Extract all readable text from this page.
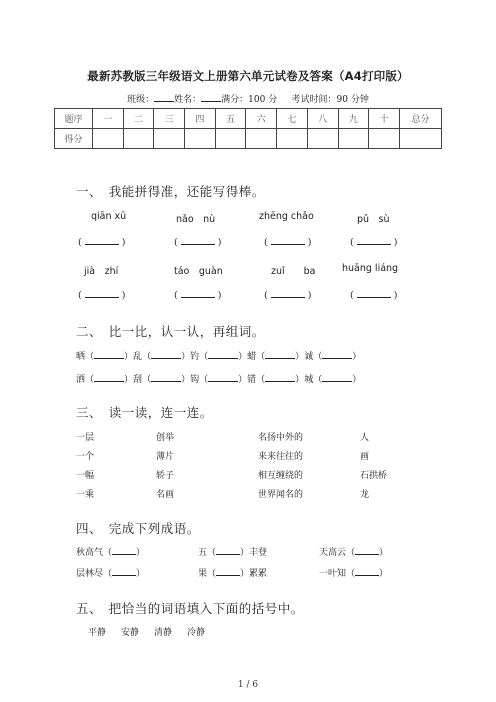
最新苏教版三年级语文上册第六单元试卷及答案（A4打印版）
班级： 姓名： 满分：100 分 考试时间：90 分钟
题序	一	二	三	四	五	六	七	八	九	十	总分
得分											
一、　我能拼得准，还能写得棒。
qiān xū	nǎo　nù	zhēng chǎo	pǔ　sù
(	)	(	)	(	)	(	)
jià　zhí	táo　guàn	zuǐ　　ba	huāng liáng
(	)	(	)	(	)	(	)
二、　比一比，认一认，再组词。
晒（	）乱（	）钓（	）蜡（	）诚（	）
洒（	）刮（	）钩（	）错（	）城（	）
三、　读一读，连一连。
一层	创举	名扬中外的	人
一个	薄片	来来往往的	画
一幅	轿子	相互缠绕的	石拱桥
一乘	名画	世界闻名的	龙
四、　完成下列成语。
秋高气（	）	五（	）丰登	天高云（	）
层林尽（	）	果（	）累累	一叶知（	）
五、　把恰当的词语填入下面的括号中。
平静 安静 清静 冷静
1 / 6
